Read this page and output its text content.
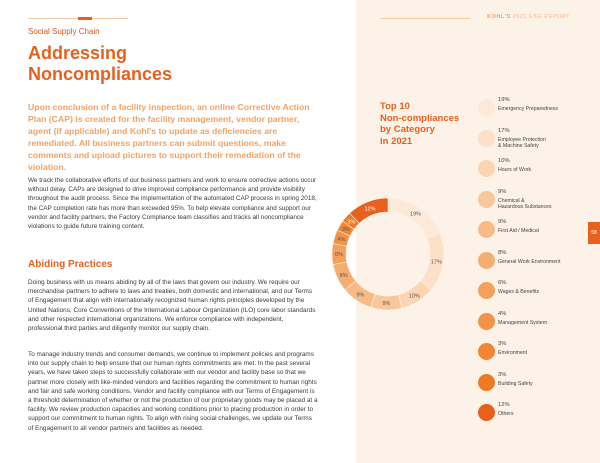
KOHL'S 2021 ESG REPORT
Social Supply Chain
Addressing
Noncompliances
Upon conclusion of a facility inspection, an online Corrective Action Plan (CAP) is created for the facility management, vendor partner, agent (if applicable) and Kohl's to update as deficiencies are remediated. All business partners can submit questions, make comments and upload pictures to support their remediation of the violation.
We track the collaborative efforts of our business partners and work to ensure corrective actions occur without delay. CAPs are designed to drive improved compliance performance and provide visibility throughout the audit process. Since the implementation of the automated CAP process in spring 2018, the CAP completion rate has more than exceeded 95%. To help elevate compliance and support our vendor and facility partners, the Factory Compliance team classifies and tracks all noncompliance violations to guide future training content.
Abiding Practices
Doing business with us means abiding by all of the laws that govern our industry. We require our merchandise partners to adhere to laws and treaties, both domestic and international, and our Terms of Engagement that align with internationally recognized human rights principles developed by the United Nations, Core Conventions of the International Labour Organization (ILO) core labor standards and other respected international organizations. We enforce compliance with independent, professional third parties and diligently monitor our supply chain.
To manage industry trends and consumer demands, we continue to implement policies and programs into our supply chain to help ensure that our human rights commitments are met. In the past several years, we have taken steps to successfully collaborate with our vendor and facility base so that we partner more closely with like-minded vendors and facilities regarding the commitment to human rights and fair and safe working conditions. Vendor and facility compliance with our Terms of Engagement is a threshold determination of whether or not the production of our proprietary goods may be placed at a facility. We review production capacities and working conditions prior to placing production in order to support our commitment to human rights. To align with rising social challenges, we update our Terms of Engagement to all vendor partners and facilities as needed.
Top 10
Non-compliances
by Category
in 2021
19%
17%
10%
9%
9%
8%
6%
4%
3%
3%
12%
19%
Emergency Preparedness
17%
Employee Protection
& Machine Safety
10%
Hours of Work
9%
Chemical &
Hazardous Substances
9%
First Aid / Medical
8%
General Work Environment
6%
Wages & Benefits
4%
Management System
3%
Environment
3%
Building Safety
12%
Others
58
